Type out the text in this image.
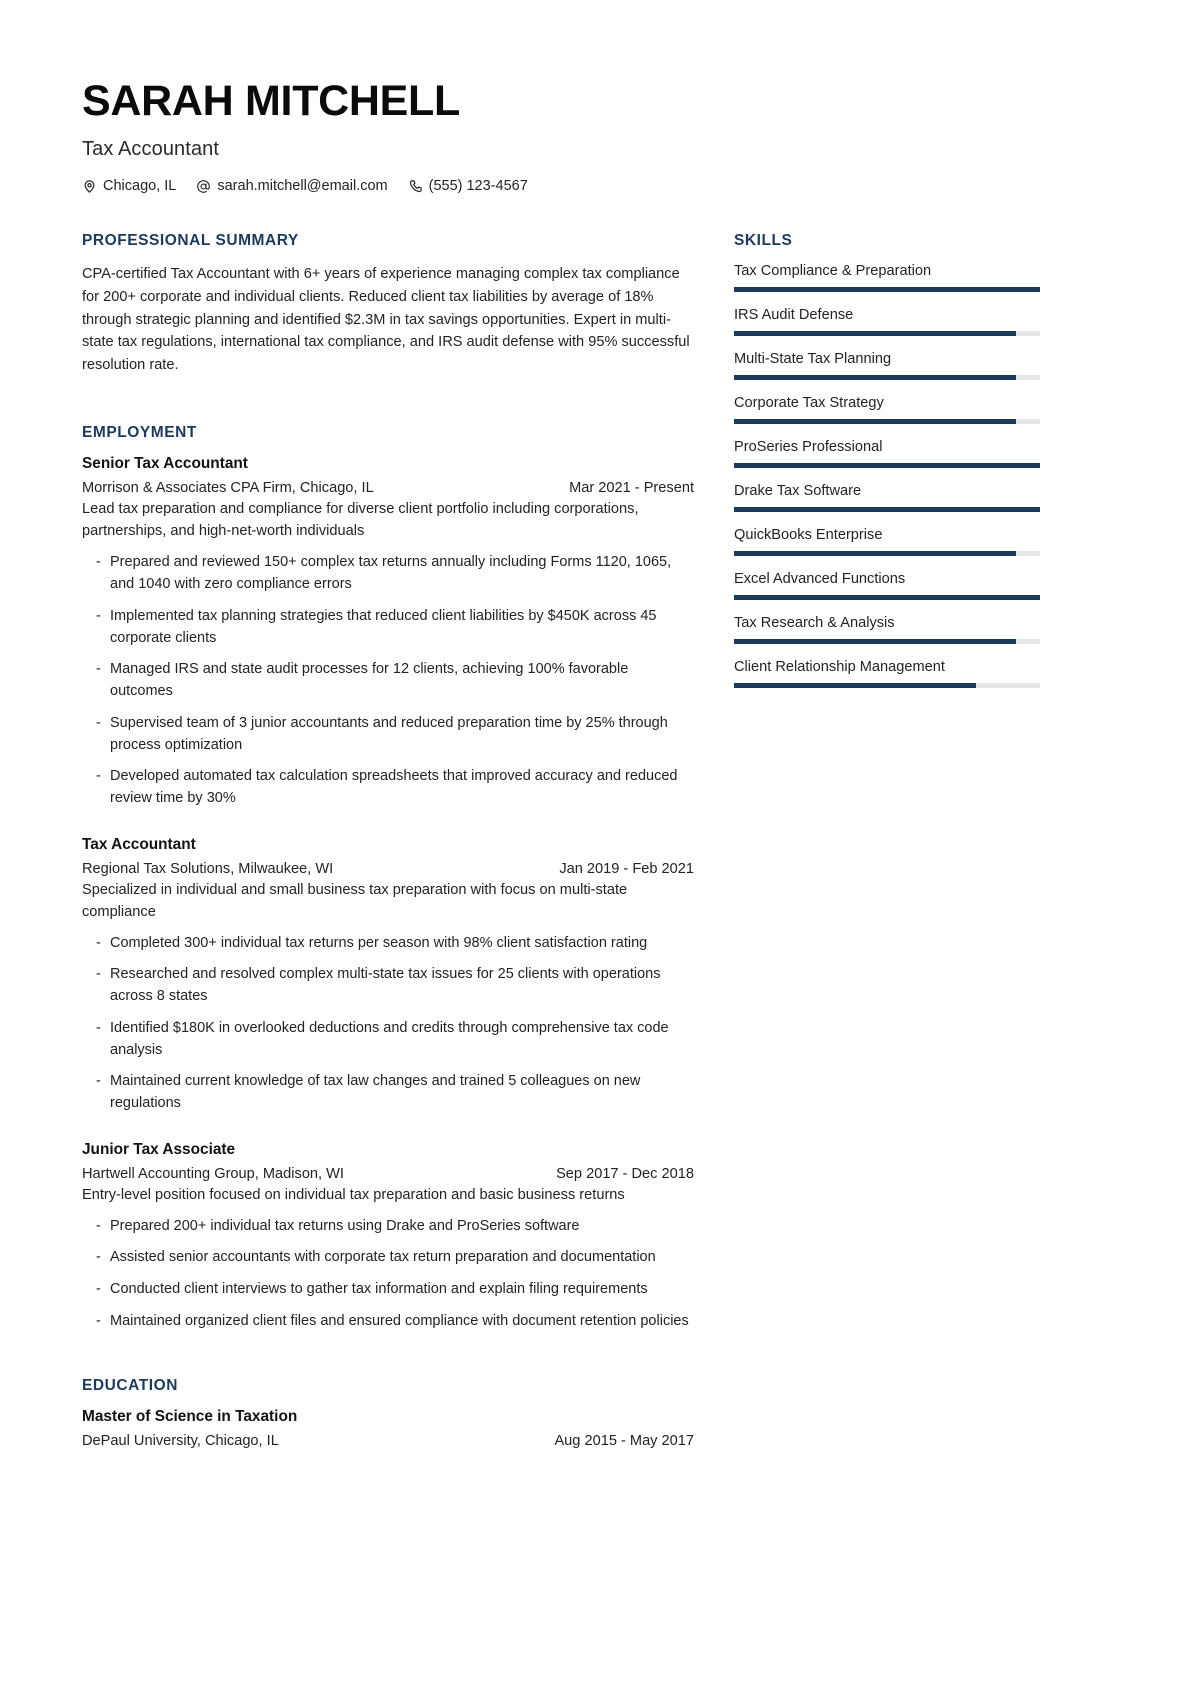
SARAH MITCHELL
Tax Accountant
Chicago, IL	sarah.mitchell@email.com	(555) 123-4567
PROFESSIONAL SUMMARY
CPA-certified Tax Accountant with 6+ years of experience managing complex tax compliance for 200+ corporate and individual clients. Reduced client tax liabilities by average of 18% through strategic planning and identified $2.3M in tax savings opportunities. Expert in multi-state tax regulations, international tax compliance, and IRS audit defense with 95% successful resolution rate.
EMPLOYMENT
Senior Tax Accountant
Morrison & Associates CPA Firm, Chicago, IL	Mar 2021 - Present
Lead tax preparation and compliance for diverse client portfolio including corporations, partnerships, and high-net-worth individuals
- Prepared and reviewed 150+ complex tax returns annually including Forms 1120, 1065, and 1040 with zero compliance errors
- Implemented tax planning strategies that reduced client liabilities by $450K across 45 corporate clients
- Managed IRS and state audit processes for 12 clients, achieving 100% favorable outcomes
- Supervised team of 3 junior accountants and reduced preparation time by 25% through process optimization
- Developed automated tax calculation spreadsheets that improved accuracy and reduced review time by 30%
Tax Accountant
Regional Tax Solutions, Milwaukee, WI	Jan 2019 - Feb 2021
Specialized in individual and small business tax preparation with focus on multi-state compliance
- Completed 300+ individual tax returns per season with 98% client satisfaction rating
- Researched and resolved complex multi-state tax issues for 25 clients with operations across 8 states
- Identified $180K in overlooked deductions and credits through comprehensive tax code analysis
- Maintained current knowledge of tax law changes and trained 5 colleagues on new regulations
Junior Tax Associate
Hartwell Accounting Group, Madison, WI	Sep 2017 - Dec 2018
Entry-level position focused on individual tax preparation and basic business returns
- Prepared 200+ individual tax returns using Drake and ProSeries software
- Assisted senior accountants with corporate tax return preparation and documentation
- Conducted client interviews to gather tax information and explain filing requirements
- Maintained organized client files and ensured compliance with document retention policies
EDUCATION
Master of Science in Taxation
DePaul University, Chicago, IL	Aug 2015 - May 2017
SKILLS
Tax Compliance & Preparation
IRS Audit Defense
Multi-State Tax Planning
Corporate Tax Strategy
ProSeries Professional
Drake Tax Software
QuickBooks Enterprise
Excel Advanced Functions
Tax Research & Analysis
Client Relationship Management
